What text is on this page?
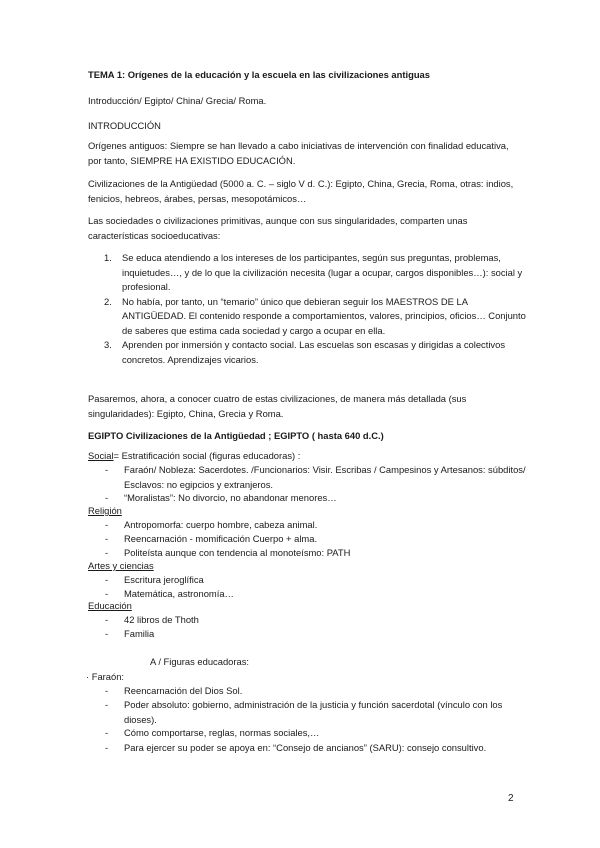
TEMA 1: Orígenes de la educación y la escuela en las civilizaciones antiguas

Introducción/ Egipto/ China/ Grecia/ Roma.

INTRODUCCIÓN

Orígenes antiguos: Siempre se han llevado a cabo iniciativas de intervención con finalidad educativa, por tanto, SIEMPRE HA EXISTIDO EDUCACIÓN.

Civilizaciones de la Antigüedad (5000 a. C. – siglo V d. C.): Egipto, China, Grecia, Roma, otras: indios, fenicios, hebreos, árabes, persas, mesopotámicos…

Las sociedades o civilizaciones primitivas, aunque con sus singularidades, comparten unas características socioeducativas:

1. Se educa atendiendo a los intereses de los participantes, según sus preguntas, problemas, inquietudes…, y de lo que la civilización necesita (lugar a ocupar, cargos disponibles…): social y profesional.
2. No había, por tanto, un “temario” único que debieran seguir los MAESTROS DE LA ANTIGÜEDAD. El contenido responde a comportamientos, valores, principios, oficios… Conjunto de saberes que estima cada sociedad y cargo a ocupar en ella.
3. Aprenden por inmersión y contacto social. Las escuelas son escasas y dirigidas a colectivos concretos. Aprendizajes vicarios.

Pasaremos, ahora, a conocer cuatro de estas civilizaciones, de manera más detallada (sus singularidades): Egipto, China, Grecia y Roma.

EGIPTO Civilizaciones de la Antigüedad ; EGIPTO ( hasta 640 d.C.)

Social= Estratificación social (figuras educadoras) :
- Faraón/ Nobleza: Sacerdotes. /Funcionarios: Visir. Escribas / Campesinos y Artesanos: súbditos/ Esclavos: no egipcios y extranjeros.
- “Moralistas”: No divorcio, no abandonar menores…
Religión
- Antropomorfa: cuerpo hombre, cabeza animal.
- Reencarnación - momificación Cuerpo + alma.
- Politeísta aunque con tendencia al monoteísmo: PATH
Artes y ciencias
- Escritura jeroglífica
- Matemática, astronomía…
Educación
- 42 libros de Thoth
- Familia
A / Figuras educadoras:
· Faraón:
- Reencarnación del Dios Sol.
- Poder absoluto: gobierno, administración de la justicia y función sacerdotal (vínculo con los dioses).
- Cómo comportarse, reglas, normas sociales,…
- Para ejercer su poder se apoya en: “Consejo de ancianos” (SARU): consejo consultivo.
2
